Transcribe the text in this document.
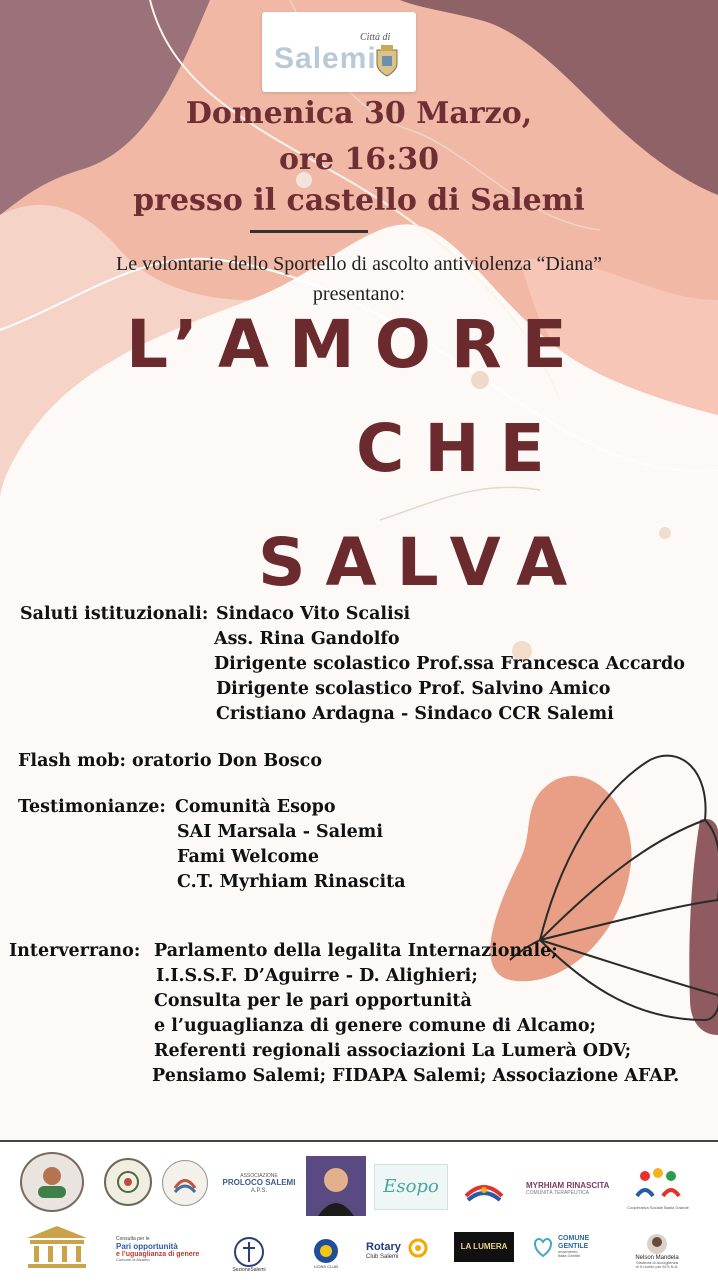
Città di
Salemi
Domenica 30 Marzo,
ore 16:30
presso il castello di Salemi
Le volontarie dello Sportello di ascolto antiviolenza “Diana”
presentano:
L’AMORE
CHE
SALVA
Saluti istituzionali: Sindaco Vito Scalisi
Ass. Rina Gandolfo
Dirigente scolastico Prof.ssa Francesca Accardo
Dirigente scolastico Prof. Salvino Amico
Cristiano Ardagna - Sindaco CCR Salemi
Flash mob: oratorio Don Bosco
Testimonianze: Comunità Esopo
SAI Marsala - Salemi
Fami Welcome
C.T. Myrhiam Rinascita
Interverrano: Parlamento della legalita Internazionale;
I.I.S.S.F. D’Aguirre - D. Alighieri;
Consulta per le pari opportunità
e l’uguaglianza di genere comune di Alcamo;
Referenti regionali associazioni La Lumerà ODV;
Pensiamo Salemi; FIDAPA Salemi; Associazione AFAP.
ASSOCIAZIONE
PROLOCO SALEMI
A.P.S.	Esopo	MYRHIAM RINASCITA
COMUNITÀ TERAPEUTICA
Cooperativa Sociale Badia Grande
Consulta per le
Pari opportunità
e l’uguaglianza di genere
Comune di Alcamo
SezioneSalemi
LIONS CLUB
Rotary
Club Salemi
LA LUMERA
COMUNE
GENTILE
movimento
Italia Gentile	Nelson Mandela
Struttura di Accoglienza
di II Livello per M.S.N.A.
